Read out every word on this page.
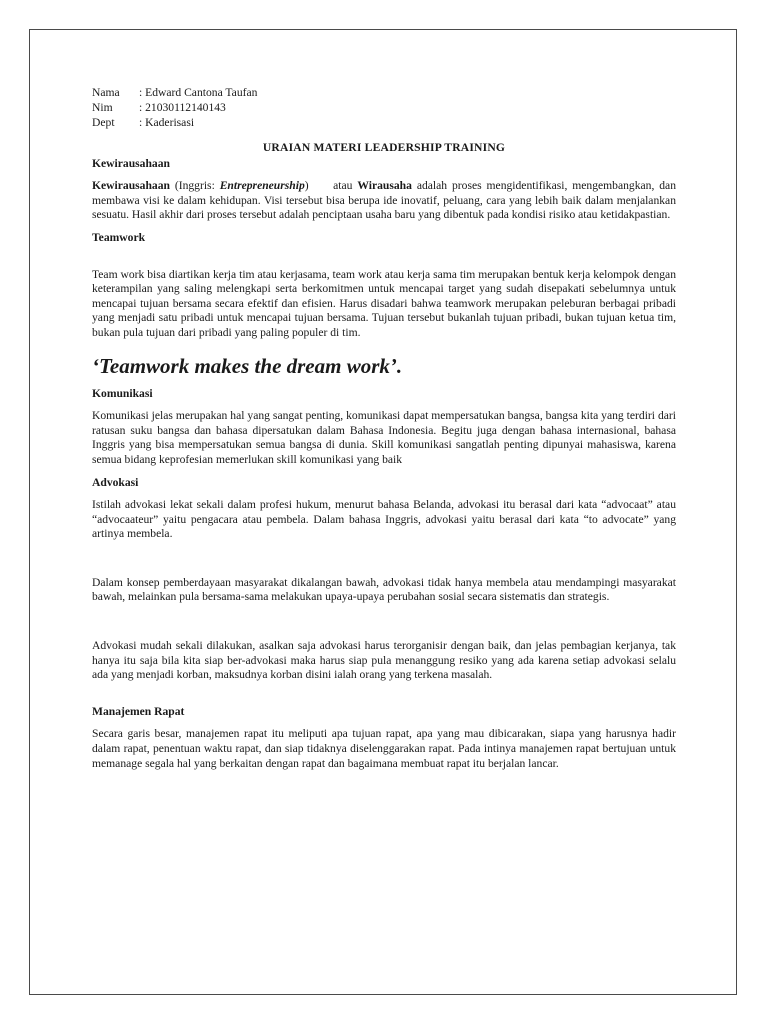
Nama	: Edward Cantona Taufan
Nim	: 21030112140143
Dept	: Kaderisasi
URAIAN MATERI LEADERSHIP TRAINING
Kewirausahaan

Kewirausahaan (Inggris: Entrepreneurship)     atau Wirausaha adalah proses mengidentifikasi, mengembangkan, dan membawa visi ke dalam kehidupan. Visi tersebut bisa berupa ide inovatif, peluang, cara yang lebih baik dalam menjalankan sesuatu. Hasil akhir dari proses tersebut adalah penciptaan usaha baru yang dibentuk pada kondisi risiko atau ketidakpastian.

Teamwork

Team work bisa diartikan kerja tim atau kerjasama, team work atau kerja sama tim merupakan bentuk kerja kelompok dengan keterampilan yang saling melengkapi serta berkomitmen untuk mencapai target yang sudah disepakati sebelumnya untuk mencapai tujuan bersama secara efektif dan efisien. Harus disadari bahwa teamwork merupakan peleburan berbagai pribadi yang menjadi satu pribadi untuk mencapai tujuan bersama. Tujuan tersebut bukanlah tujuan pribadi, bukan tujuan ketua tim, bukan pula tujuan dari pribadi yang paling populer di tim.

‘Teamwork makes the dream work’.
Komunikasi

Komunikasi jelas merupakan hal yang sangat penting, komunikasi dapat mempersatukan bangsa, bangsa kita yang terdiri dari ratusan suku bangsa dan bahasa dipersatukan dalam Bahasa Indonesia. Begitu juga dengan bahasa internasional, bahasa Inggris yang bisa mempersatukan semua bangsa di dunia. Skill komunikasi sangatlah penting dipunyai mahasiswa, karena semua bidang keprofesian memerlukan skill komunikasi yang baik

Advokasi

Istilah advokasi lekat sekali dalam profesi hukum, menurut bahasa Belanda, advokasi itu berasal dari kata “advocaat” atau “advocaateur” yaitu pengacara atau pembela. Dalam bahasa Inggris, advokasi yaitu berasal dari kata “to advocate” yang artinya membela.

Dalam konsep pemberdayaan masyarakat dikalangan bawah, advokasi tidak hanya membela atau mendampingi masyarakat bawah, melainkan pula bersama-sama melakukan upaya-upaya perubahan sosial secara sistematis dan strategis.

Advokasi mudah sekali dilakukan, asalkan saja advokasi harus terorganisir dengan baik, dan jelas pembagian kerjanya, tak hanya itu saja bila kita siap ber-advokasi maka harus siap pula menanggung resiko yang ada karena setiap advokasi selalu ada yang menjadi korban, maksudnya korban disini ialah orang yang terkena masalah.

Manajemen Rapat

Secara garis besar, manajemen rapat itu meliputi apa tujuan rapat, apa yang mau dibicarakan, siapa yang harusnya hadir dalam rapat, penentuan waktu rapat, dan siap tidaknya diselenggarakan rapat. Pada intinya manajemen rapat bertujuan untuk memanage segala hal yang berkaitan dengan rapat dan bagaimana membuat rapat itu berjalan lancar.
